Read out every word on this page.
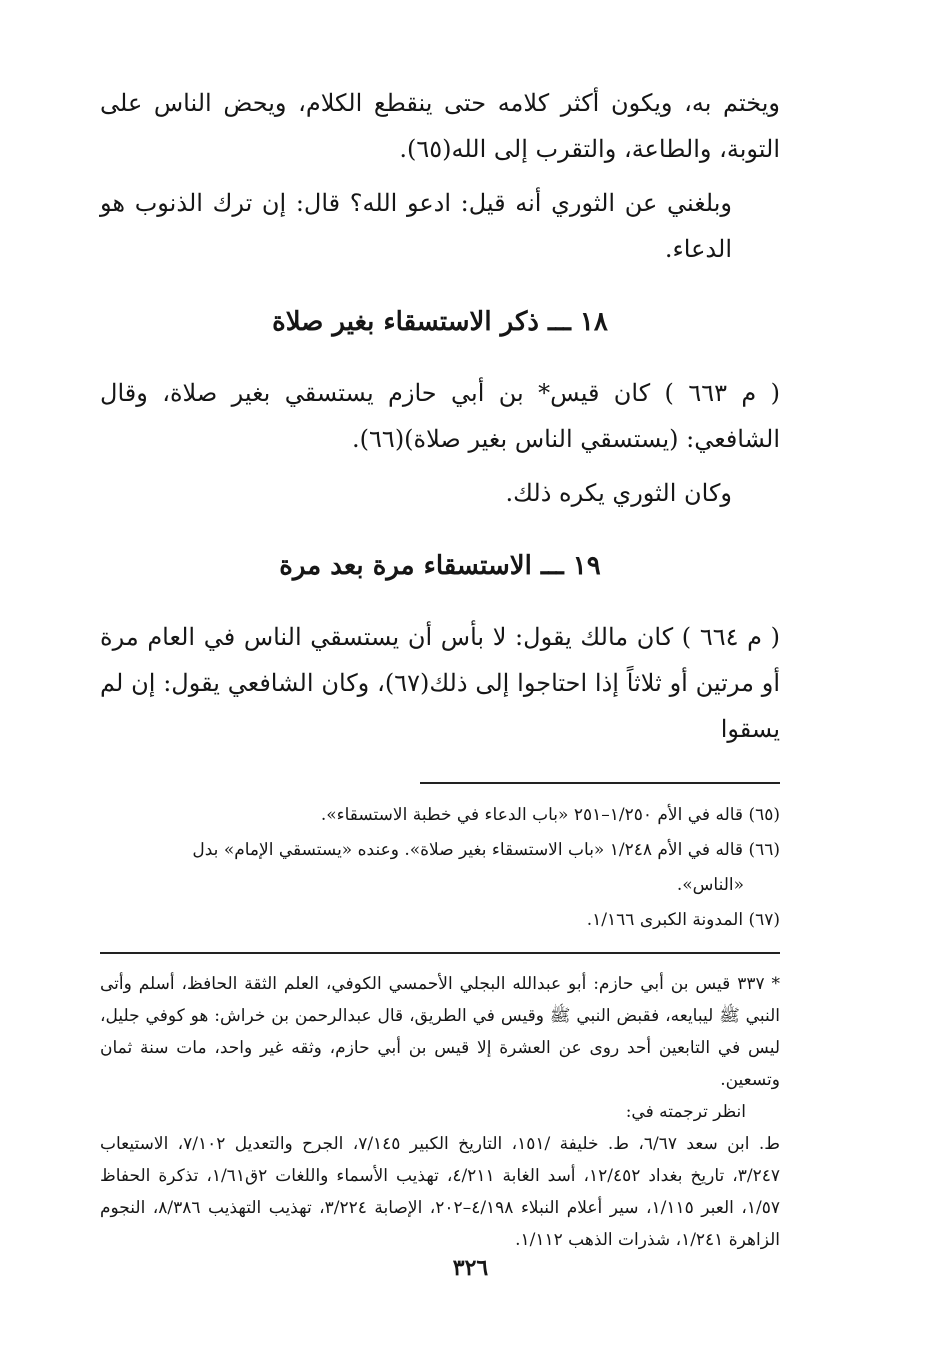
ويختم به، ويكون أكثر كلامه حتى ينقطع الكلام، ويحض الناس على التوبة، والطاعة، والتقرب إلى الله(٦٥).

وبلغني عن الثوري أنه قيل: ادعو الله؟ قال: إن ترك الذنوب هو الدعاء.

١٨ ـــ ذكر الاستسقاء بغير صلاة

( م ٦٦٣ ) كان قيس* بن أبي حازم يستسقي بغير صلاة، وقال الشافعي: (يستسقي الناس بغير صلاة)(٦٦).

وكان الثوري يكره ذلك.

١٩ ـــ الاستسقاء مرة بعد مرة

( م ٦٦٤ ) كان مالك يقول: لا بأس أن يستسقي الناس في العام مرة أو مرتين أو ثلاثاً إذا احتاجوا إلى ذلك(٦٧)، وكان الشافعي يقول: إن لم يسقوا

(٦٥) قاله في الأم ١/٢٥٠–٢٥١ «باب الدعاء في خطبة الاستسقاء».

(٦٦) قاله في الأم ١/٢٤٨ «باب الاستسقاء بغير صلاة». وعنده «يستسقي الإمام» بدل

«الناس».

(٦٧) المدونة الكبرى ١/١٦٦.

* ٣٣٧ قيس بن أبي حازم: أبو عبدالله البجلي الأحمسي الكوفي، العلم الثقة الحافظ، أسلم وأتى النبي ﷺ ليبايعه، فقبض النبي ﷺ وقيس في الطريق، قال عبدالرحمن بن خراش: هو كوفي جليل، ليس في التابعين أحد روى عن العشرة إلا قيس بن أبي حازم، وثقه غير واحد، مات سنة ثمان وتسعين.

انظر ترجمته في:

ط. ابن سعد ٦/٦٧، ط. خليفة /١٥١، التاريخ الكبير ٧/١٤٥، الجرح والتعديل ٧/١٠٢، الاستيعاب ٣/٢٤٧، تاريخ بغداد ١٢/٤٥٢، أسد الغابة ٤/٢١١، تهذيب الأسماء واللغات ٢ق١/٦١، تذكرة الحفاظ ١/٥٧، العبر ١/١١٥، سير أعلام النبلاء ٤/١٩٨–٢٠٢، الإصابة ٣/٢٢٤، تهذيب التهذيب ٨/٣٨٦، النجوم الزاهرة ١/٢٤١، شذرات الذهب ١/١١٢.

٣٢٦
